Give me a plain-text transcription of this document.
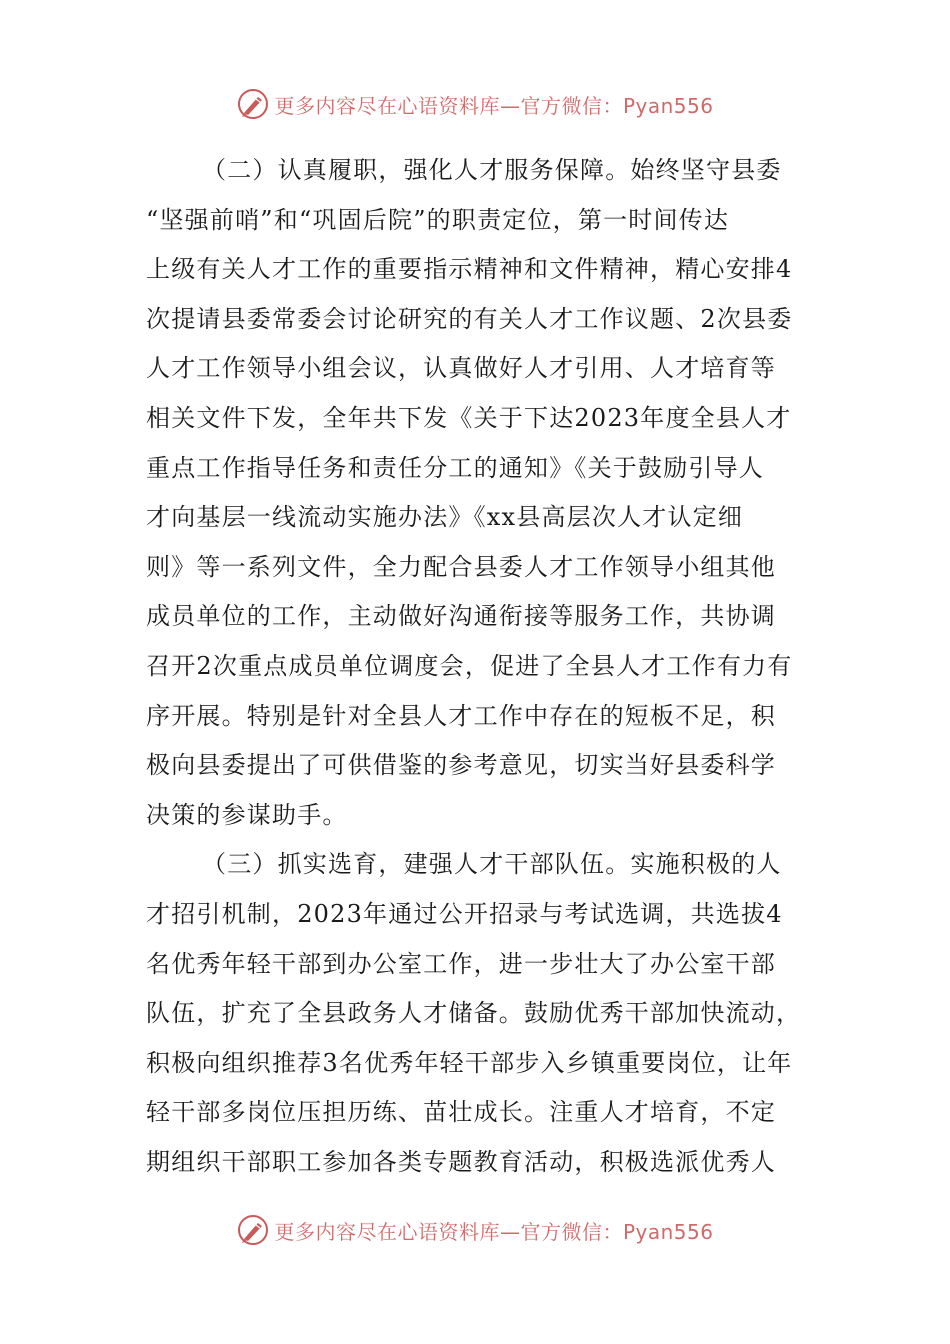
更多内容尽在心语资料库—官方微信：Pyan556
（二）认真履职，强化人才服务保障。始终坚守县委
“坚强前哨”和“巩固后院”的职责定位，第一时间传达
上级有关人才工作的重要指示精神和文件精神，精心安排4
次提请县委常委会讨论研究的有关人才工作议题、2次县委
人才工作领导小组会议，认真做好人才引用、人才培育等
相关文件下发，全年共下发《关于下达2023年度全县人才
重点工作指导任务和责任分工的通知》《关于鼓励引导人
才向基层一线流动实施办法》《xx县高层次人才认定细
则》等一系列文件，全力配合县委人才工作领导小组其他
成员单位的工作，主动做好沟通衔接等服务工作，共协调
召开2次重点成员单位调度会，促进了全县人才工作有力有
序开展。特别是针对全县人才工作中存在的短板不足，积
极向县委提出了可供借鉴的参考意见，切实当好县委科学
决策的参谋助手。
（三）抓实选育，建强人才干部队伍。实施积极的人
才招引机制，2023年通过公开招录与考试选调，共选拔4
名优秀年轻干部到办公室工作，进一步壮大了办公室干部
队伍，扩充了全县政务人才储备。鼓励优秀干部加快流动，
积极向组织推荐3名优秀年轻干部步入乡镇重要岗位，让年
轻干部多岗位压担历练、苗壮成长。注重人才培育，不定
期组织干部职工参加各类专题教育活动，积极选派优秀人
更多内容尽在心语资料库—官方微信：Pyan556
